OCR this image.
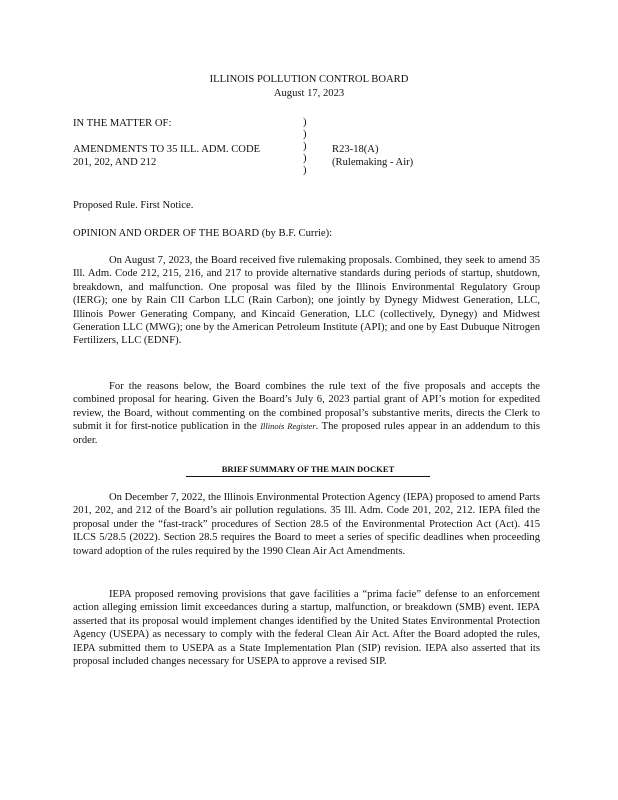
ILLINOIS POLLUTION CONTROL BOARD
August 17, 2023
IN THE MATTER OF:
AMENDMENTS TO 35 ILL. ADM. CODE
201, 202, AND 212
)
)
)
)
)
R23-18(A)
(Rulemaking - Air)
Proposed Rule. First Notice.
OPINION AND ORDER OF THE BOARD (by B.F. Currie):

On August 7, 2023, the Board received five rulemaking proposals. Combined, they seek to amend 35 Ill. Adm. Code 212, 215, 216, and 217 to provide alternative standards during periods of startup, shutdown, breakdown, and malfunction. One proposal was filed by the Illinois Environmental Regulatory Group (IERG); one by Rain CII Carbon LLC (Rain Carbon); one jointly by Dynegy Midwest Generation, LLC, Illinois Power Generating Company, and Kincaid Generation, LLC (collectively, Dynegy) and Midwest Generation LLC (MWG); one by the American Petroleum Institute (API); and one by East Dubuque Nitrogen Fertilizers, LLC (EDNF).

For the reasons below, the Board combines the rule text of the five proposals and accepts the combined proposal for hearing. Given the Board’s July 6, 2023 partial grant of API’s motion for expedited review, the Board, without commenting on the combined proposal’s substantive merits, directs the Clerk to submit it for first-notice publication in the Illinois Register. The proposed rules appear in an addendum to this order.

BRIEF SUMMARY OF THE MAIN DOCKET

On December 7, 2022, the Illinois Environmental Protection Agency (IEPA) proposed to amend Parts 201, 202, and 212 of the Board’s air pollution regulations. 35 Ill. Adm. Code 201, 202, 212. IEPA filed the proposal under the “fast-track” procedures of Section 28.5 of the Environmental Protection Act (Act). 415 ILCS 5/28.5 (2022). Section 28.5 requires the Board to meet a series of specific deadlines when proceeding toward adoption of the rules required by the 1990 Clean Air Act Amendments.

IEPA proposed removing provisions that gave facilities a “prima facie” defense to an enforcement action alleging emission limit exceedances during a startup, malfunction, or breakdown (SMB) event. IEPA asserted that its proposal would implement changes identified by the United States Environmental Protection Agency (USEPA) as necessary to comply with the federal Clean Air Act. After the Board adopted the rules, IEPA submitted them to USEPA as a State Implementation Plan (SIP) revision. IEPA also asserted that its proposal included changes necessary for USEPA to approve a revised SIP.
